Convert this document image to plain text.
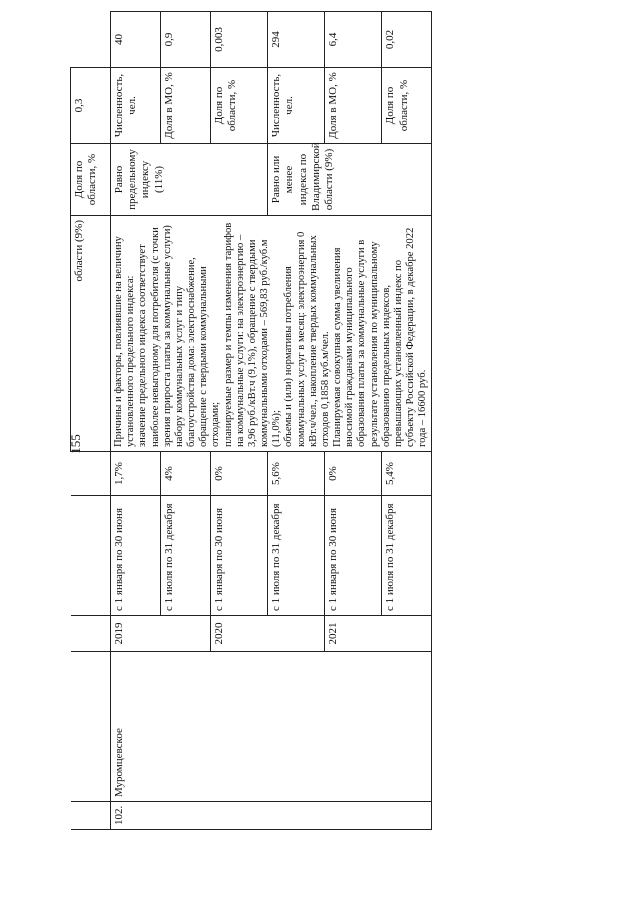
155
					области (9%)	Доля по области, %	0,3	
102.	Муромцевское	2019	с 1 января по 30 июня	1,7%	Причины и факторы, повлиявшие на величину установленного предельного индекса: значение предельного индекса соответствует наиболее невыгодному для потребителя (с точки зрения прироста платы за коммунальные услуги) набору коммунальных услуг и типу благоустройства дома: электроснабжение, обращение с твердыми коммунальными отходами; планируемые размер и темпы изменения тарифов на коммунальные услуги: на электроэнергию – 3,96 руб./кВт.ч (9,1%), обращение с твердыми коммунальными отходами – 569,83 руб./куб.м (11,0%); объемы и (или) нормативы потребления коммунальных услуг в месяц: электроэнергия 0 кВт.ч/чел., накопление твердых коммунальных отходов 0,1858 куб.м/чел. Планируемая совокупная сумма увеличения вносимой гражданами муниципального образования платы за коммунальные услуги в результате установления по муниципальному образованию предельных индексов, превышающих установленный индекс по субъекту Российской Федерации, в декабре 2022 года – 16600 руб.	Равно предельному индексу (11%)	Численность, чел.	40
			с 1 июля по 31 декабря	4%			Доля в МО, %	0,9
		2020	с 1 января по 30 июня	0%			Доля по области, %	0,003
			с 1 июля по 31 декабря	5,6%		Равно или менее индекса по Владимирской области (9%)	Численность, чел.	294
		2021	с 1 января по 30 июня	0%			Доля в МО, %	6,4
			с 1 июля по 31 декабря	5,4%			Доля по области, %	0,02
